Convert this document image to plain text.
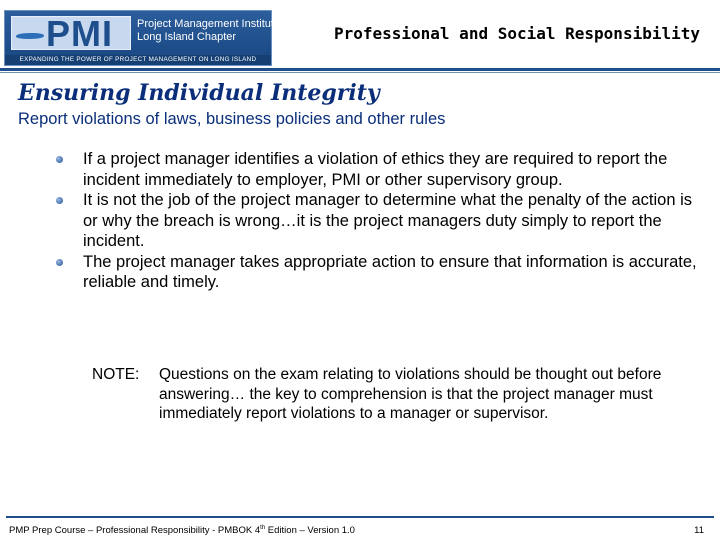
PMI Project Management Institute
Long Island Chapter
EXPANDING THE POWER OF PROJECT MANAGEMENT ON LONG ISLAND
Professional and Social Responsibility
Ensuring Individual Integrity
Report violations of laws, business policies and other rules
If a project manager identifies a violation of ethics they are required to report the incident immediately to employer, PMI or other supervisory group.
It is not the job of the project manager to determine what the penalty of the action is or why the breach is wrong…it is the project managers duty simply to report the incident.
The project manager takes appropriate action to ensure that information is accurate, reliable and timely.
NOTE: Questions on the exam relating to violations should be thought out before answering… the key to comprehension is that the project manager must immediately report violations to a manager or supervisor.
PMP Prep Course – Professional Responsibility - PMBOK 4th Edition – Version 1.0	11
